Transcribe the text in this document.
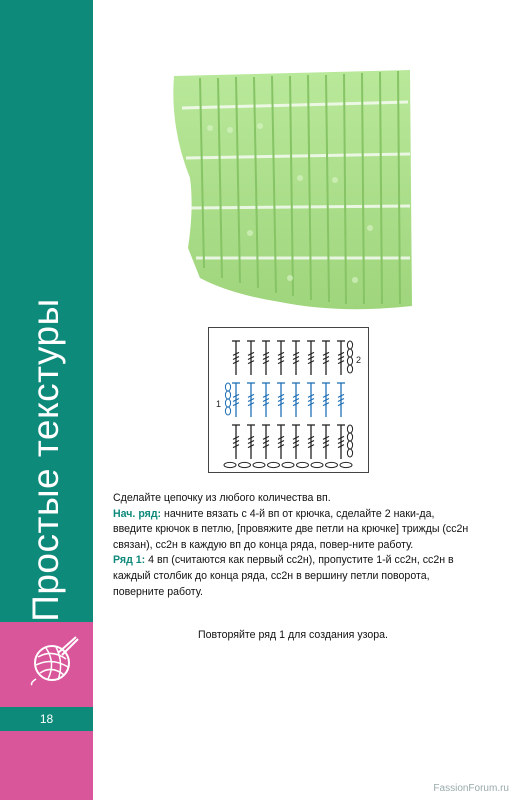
Простые текстуры
18
1
2

Сделайте цепочку из любого количества вп.

Нач. ряд: начните вязать с 4-й вп от крючка, сделайте 2 наки-да, введите крючок в петлю, [провяжите две петли на крючке] трижды (сс2н связан), сс2н в каждую вп до конца ряда, повер-ните работу.

Ряд 1: 4 вп (считаются как первый сс2н), пропустите 1-й сс2н, сс2н в каждый столбик до конца ряда, сс2н в вершину петли поворота, поверните работу.

Повторяйте ряд 1 для создания узора.
FassionForum.ru
